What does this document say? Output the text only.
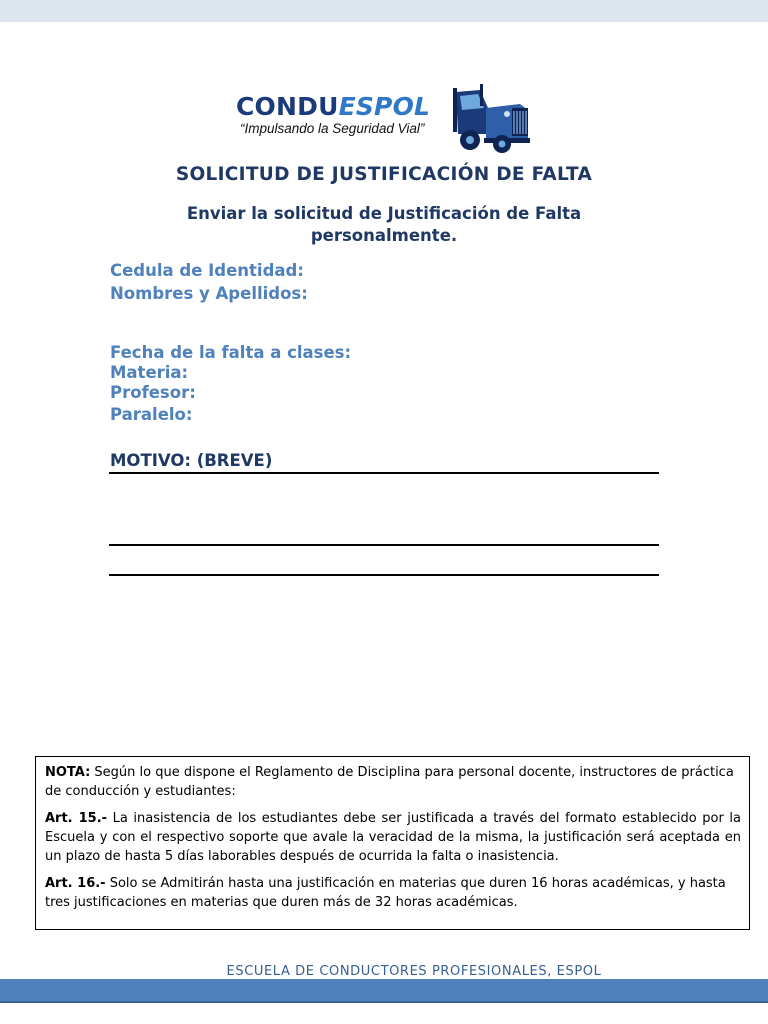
CONDUESPOL
“Impulsando la Seguridad Vial”
SOLICITUD DE JUSTIFICACIÓN DE FALTA
Enviar la solicitud de Justificación de Falta personalmente.
Cedula de Identidad:
Nombres y Apellidos:
Fecha de la falta a clases:
Materia:
Profesor:
Paralelo:
MOTIVO: (BREVE)

NOTA: Según lo que dispone el Reglamento de Disciplina para personal docente, instructores de práctica de conducción y estudiantes:

Art. 15.- La inasistencia de los estudiantes debe ser justificada a través del formato establecido por la Escuela y con el respectivo soporte que avale la veracidad de la misma, la justificación será aceptada en un plazo de hasta 5 días laborables después de ocurrida la falta o inasistencia.

Art. 16.- Solo se Admitirán hasta una justificación en materias que duren 16 horas académicas, y hasta tres justificaciones en materias que duren más de 32 horas académicas.

ESCUELA DE CONDUCTORES PROFESIONALES, ESPOL
